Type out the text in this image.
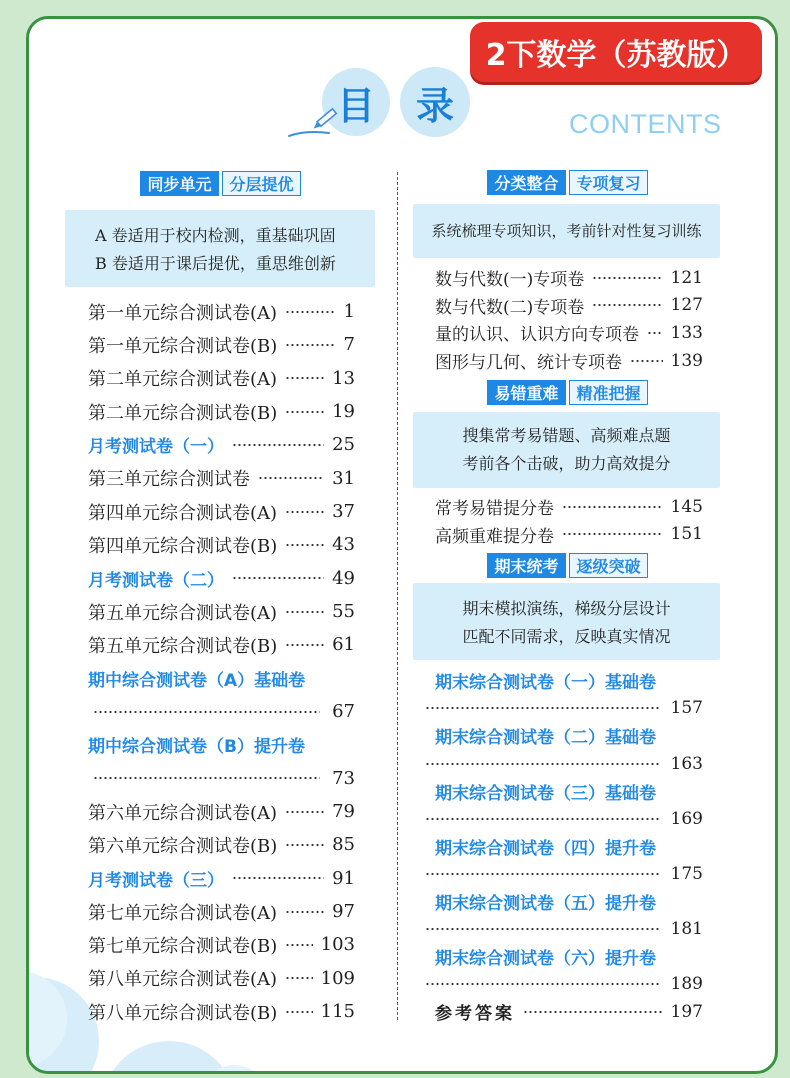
2下数学（苏教版）
目	录	CONTENTS
同步单元	分层提优
A 卷适用于校内检测，重基础巩固
B 卷适用于课后提优，重思维创新
第一单元综合测试卷(A)	1
第一单元综合测试卷(B)	7
第二单元综合测试卷(A)	13
第二单元综合测试卷(B)	19
月考测试卷（一）	25
第三单元综合测试卷	31
第四单元综合测试卷(A)	37
第四单元综合测试卷(B)	43
月考测试卷（二）	49
第五单元综合测试卷(A)	55
第五单元综合测试卷(B)	61
期中综合测试卷（A）基础卷
67
期中综合测试卷（B）提升卷
73
第六单元综合测试卷(A)	79
第六单元综合测试卷(B)	85
月考测试卷（三）	91
第七单元综合测试卷(A)	97
第七单元综合测试卷(B) 103
第八单元综合测试卷(A) 109
第八单元综合测试卷(B) 115
分类整合	专项复习
系统梳理专项知识，考前针对性复习训练
数与代数(一)专项卷	121
数与代数(二)专项卷	127
量的认识、认识方向专项卷 133
图形与几何、统计专项卷	139
易错重难	精准把握
搜集常考易错题、高频难点题
考前各个击破，助力高效提分
常考易错提分卷	145
高频重难提分卷	151
期末统考	逐级突破
期末模拟演练，梯级分层设计
匹配不同需求，反映真实情况
期末综合测试卷（一）基础卷
157
期末综合测试卷（二）基础卷
163
期末综合测试卷（三）基础卷
169
期末综合测试卷（四）提升卷
175
期末综合测试卷（五）提升卷
181
期末综合测试卷（六）提升卷
189
参考答案	197
